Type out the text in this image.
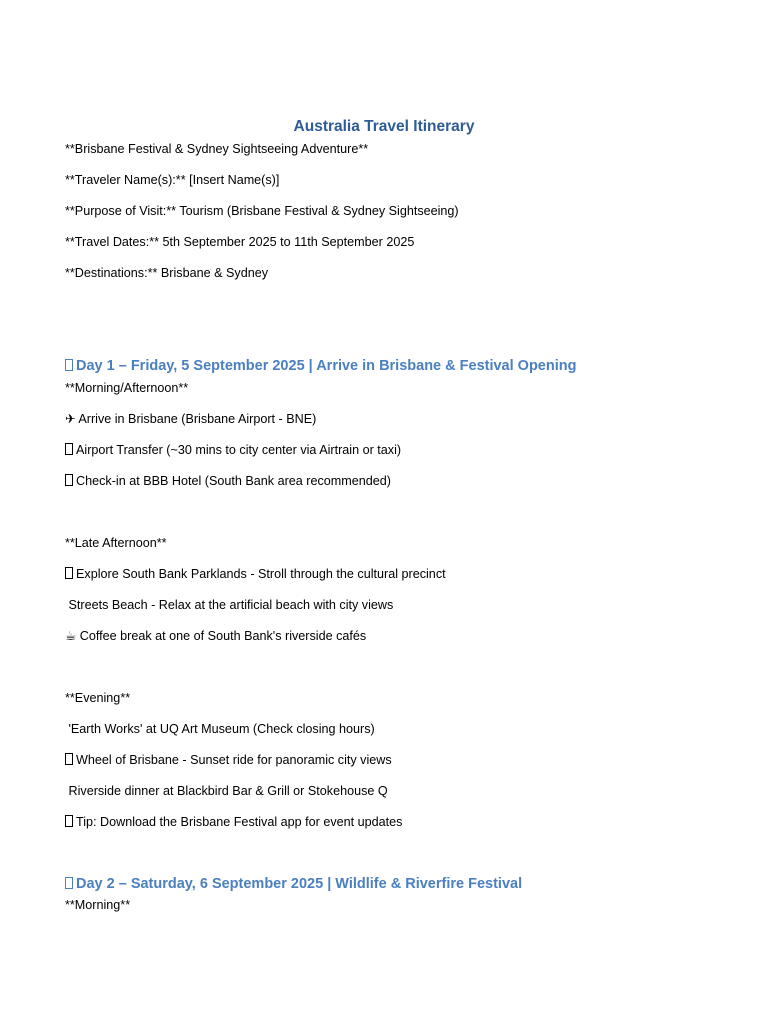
Australia Travel Itinerary
**Brisbane Festival & Sydney Sightseeing Adventure**
**Traveler Name(s):** [Insert Name(s)]
**Purpose of Visit:** Tourism (Brisbane Festival & Sydney Sightseeing)
**Travel Dates:** 5th September 2025 to 11th September 2025
**Destinations:** Brisbane & Sydney
Day 1 – Friday, 5 September 2025 | Arrive in Brisbane & Festival Opening
**Morning/Afternoon**
✈ Arrive in Brisbane (Brisbane Airport - BNE)
Airport Transfer (~30 mins to city center via Airtrain or taxi)
Check-in at BBB Hotel (South Bank area recommended)
**Late Afternoon**
Explore South Bank Parklands - Stroll through the cultural precinct
Streets Beach - Relax at the artificial beach with city views
☕ Coffee break at one of South Bank's riverside cafés
**Evening**
'Earth Works' at UQ Art Museum (Check closing hours)
Wheel of Brisbane - Sunset ride for panoramic city views
Riverside dinner at Blackbird Bar & Grill or Stokehouse Q
Tip: Download the Brisbane Festival app for event updates
Day 2 – Saturday, 6 September 2025 | Wildlife & Riverfire Festival
**Morning**
